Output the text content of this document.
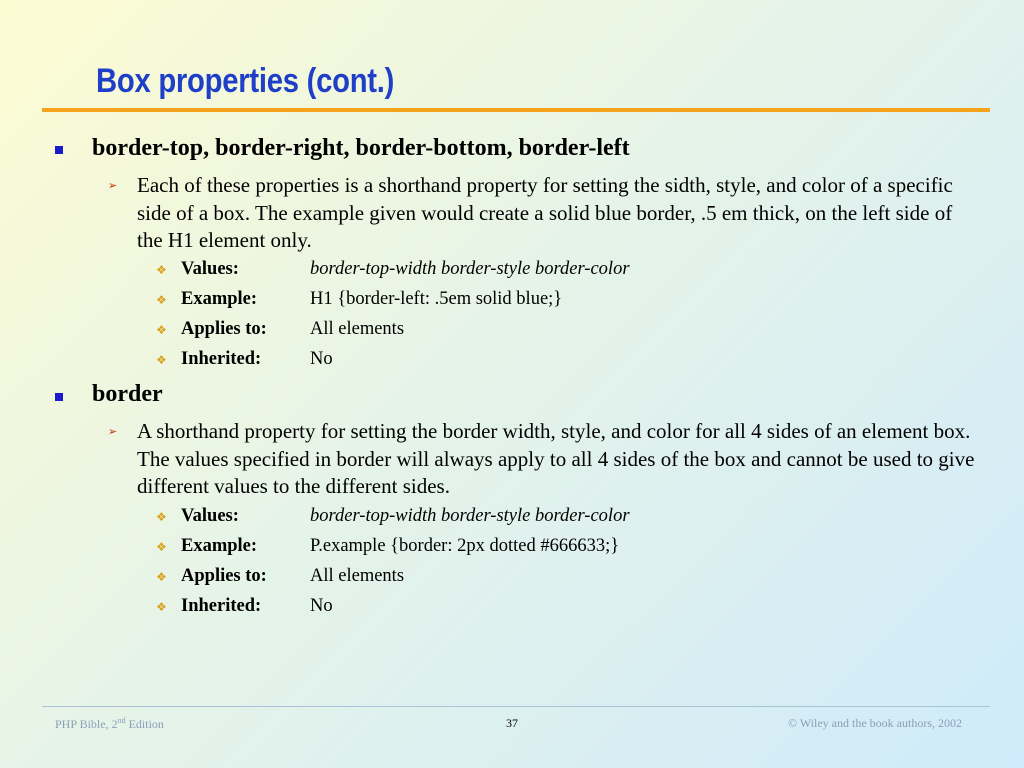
Box properties (cont.)
border-top, border-right, border-bottom, border-left
➢ Each of these properties is a shorthand property for setting the sidth, style, and color of a specific side of a box. The example given would create a solid blue border, .5 em thick, on the left side of the H1 element only.
❖ Values:	border-top-width border-style border-color
❖ Example:	H1 {border-left: .5em solid blue;}
❖ Applies to: All elements
❖ Inherited:	No
border
➢ A shorthand property for setting the border width, style, and color for all 4 sides of an element box. The values specified in border will always apply to all 4 sides of the box and cannot be used to give different values to the different sides.
❖ Values:	border-top-width border-style border-color
❖ Example:	P.example {border: 2px dotted #666633;}
❖ Applies to: All elements
❖ Inherited:	No
PHP Bible, 2nd Edition	37	© Wiley and the book authors, 2002
